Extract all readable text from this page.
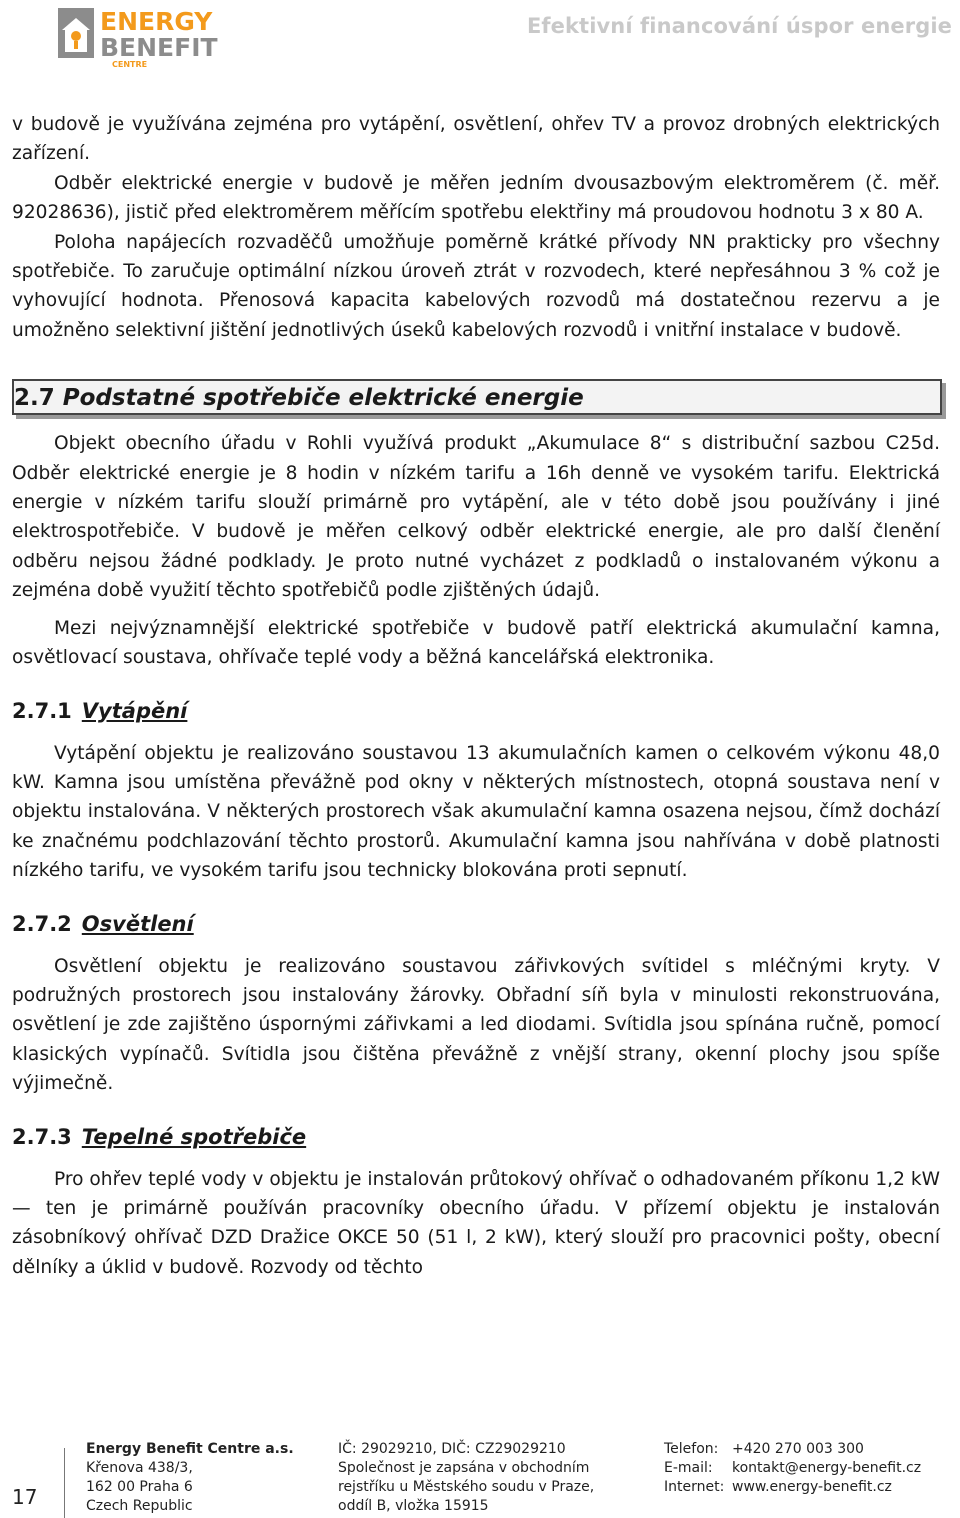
ENERGY
BENEFIT
CENTRE
Efektivní financování úspor energie

v budově je využívána zejména pro vytápění, osvětlení, ohřev TV a provoz drobných elektrických zařízení.

Odběr elektrické energie v budově je měřen jedním dvousazbovým elektroměrem (č. měř. 92028636), jistič před elektroměrem měřícím spotřebu elektřiny má proudovou hodnotu 3 x 80 A.

Poloha napájecích rozvaděčů umožňuje poměrně krátké přívody NN prakticky pro všechny spotřebiče. To zaručuje optimální nízkou úroveň ztrát v rozvodech, které nepřesáhnou 3 % což je vyhovující hodnota. Přenosová kapacita kabelových rozvodů má dostatečnou rezervu a je umožněno selektivní jištění jednotlivých úseků kabelových rozvodů i vnitřní instalace v budově.

2.7 Podstatné spotřebiče elektrické energie

Objekt obecního úřadu v Rohli využívá produkt „Akumulace 8“ s distribuční sazbou C25d. Odběr elektrické energie je 8 hodin v nízkém tarifu a 16h denně ve vysokém tarifu. Elektrická energie v nízkém tarifu slouží primárně pro vytápění, ale v této době jsou používány i jiné elektrospotřebiče. V budově je měřen celkový odběr elektrické energie, ale pro další členění odběru nejsou žádné podklady. Je proto nutné vycházet z podkladů o instalovaném výkonu a zejména době využití těchto spotřebičů podle zjištěných údajů.

Mezi nejvýznamnější elektrické spotřebiče v budově patří elektrická akumulační kamna, osvětlovací soustava, ohřívače teplé vody a běžná kancelářská elektronika.

2.7.1 Vytápění

Vytápění objektu je realizováno soustavou 13 akumulačních kamen o celkovém výkonu 48,0 kW. Kamna jsou umístěna převážně pod okny v některých místnostech, otopná soustava není v objektu instalována. V některých prostorech však akumulační kamna osazena nejsou, čímž dochází ke značnému podchlazování těchto prostorů. Akumulační kamna jsou nahřívána v době platnosti nízkého tarifu, ve vysokém tarifu jsou technicky blokována proti sepnutí.

2.7.2 Osvětlení

Osvětlení objektu je realizováno soustavou zářivkových svítidel s mléčnými kryty. V podružných prostorech jsou instalovány žárovky. Obřadní síň byla v minulosti rekonstruována, osvětlení je zde zajištěno úspornými zářivkami a led diodami. Svítidla jsou spínána ručně, pomocí klasických vypínačů. Svítidla jsou čištěna převážně z vnější strany, okenní plochy jsou spíše výjimečně.

2.7.3 Tepelné spotřebiče

Pro ohřev teplé vody v objektu je instalován průtokový ohřívač o odhadovaném příkonu 1,2 kW — ten je primárně používán pracovníky obecního úřadu. V přízemí objektu je instalován zásobníkový ohřívač DZD Dražice OKCE 50 (51 l, 2 kW), který slouží pro pracovnici pošty, obecní dělníky a úklid v budově. Rozvody od těchto

17
Energy Benefit Centre a.s.
Křenova 438/3,
162 00 Praha 6
Czech Republic
IČ: 29029210, DIČ: CZ29029210
Společnost je zapsána v obchodním
rejstříku u Městského soudu v Praze,
oddíl B, vložka 15915
Telefon: +420 270 003 300
E-mail: kontakt@energy-benefit.cz
Internet: www.energy-benefit.cz
